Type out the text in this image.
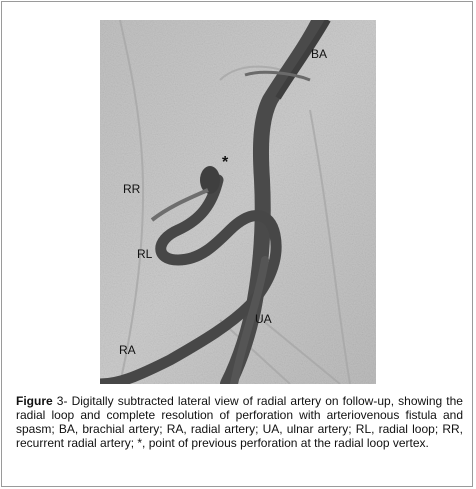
BA
*
RR
RL
UA
RA
Figure 3- Digitally subtracted lateral view of radial artery on follow-up, showing the radial loop and complete resolution of perforation with arteriovenous fistula and spasm; BA, brachial artery; RA, radial artery; UA, ulnar artery; RL, radial loop; RR, recurrent radial artery; *, point of previous perforation at the radial loop vertex.
